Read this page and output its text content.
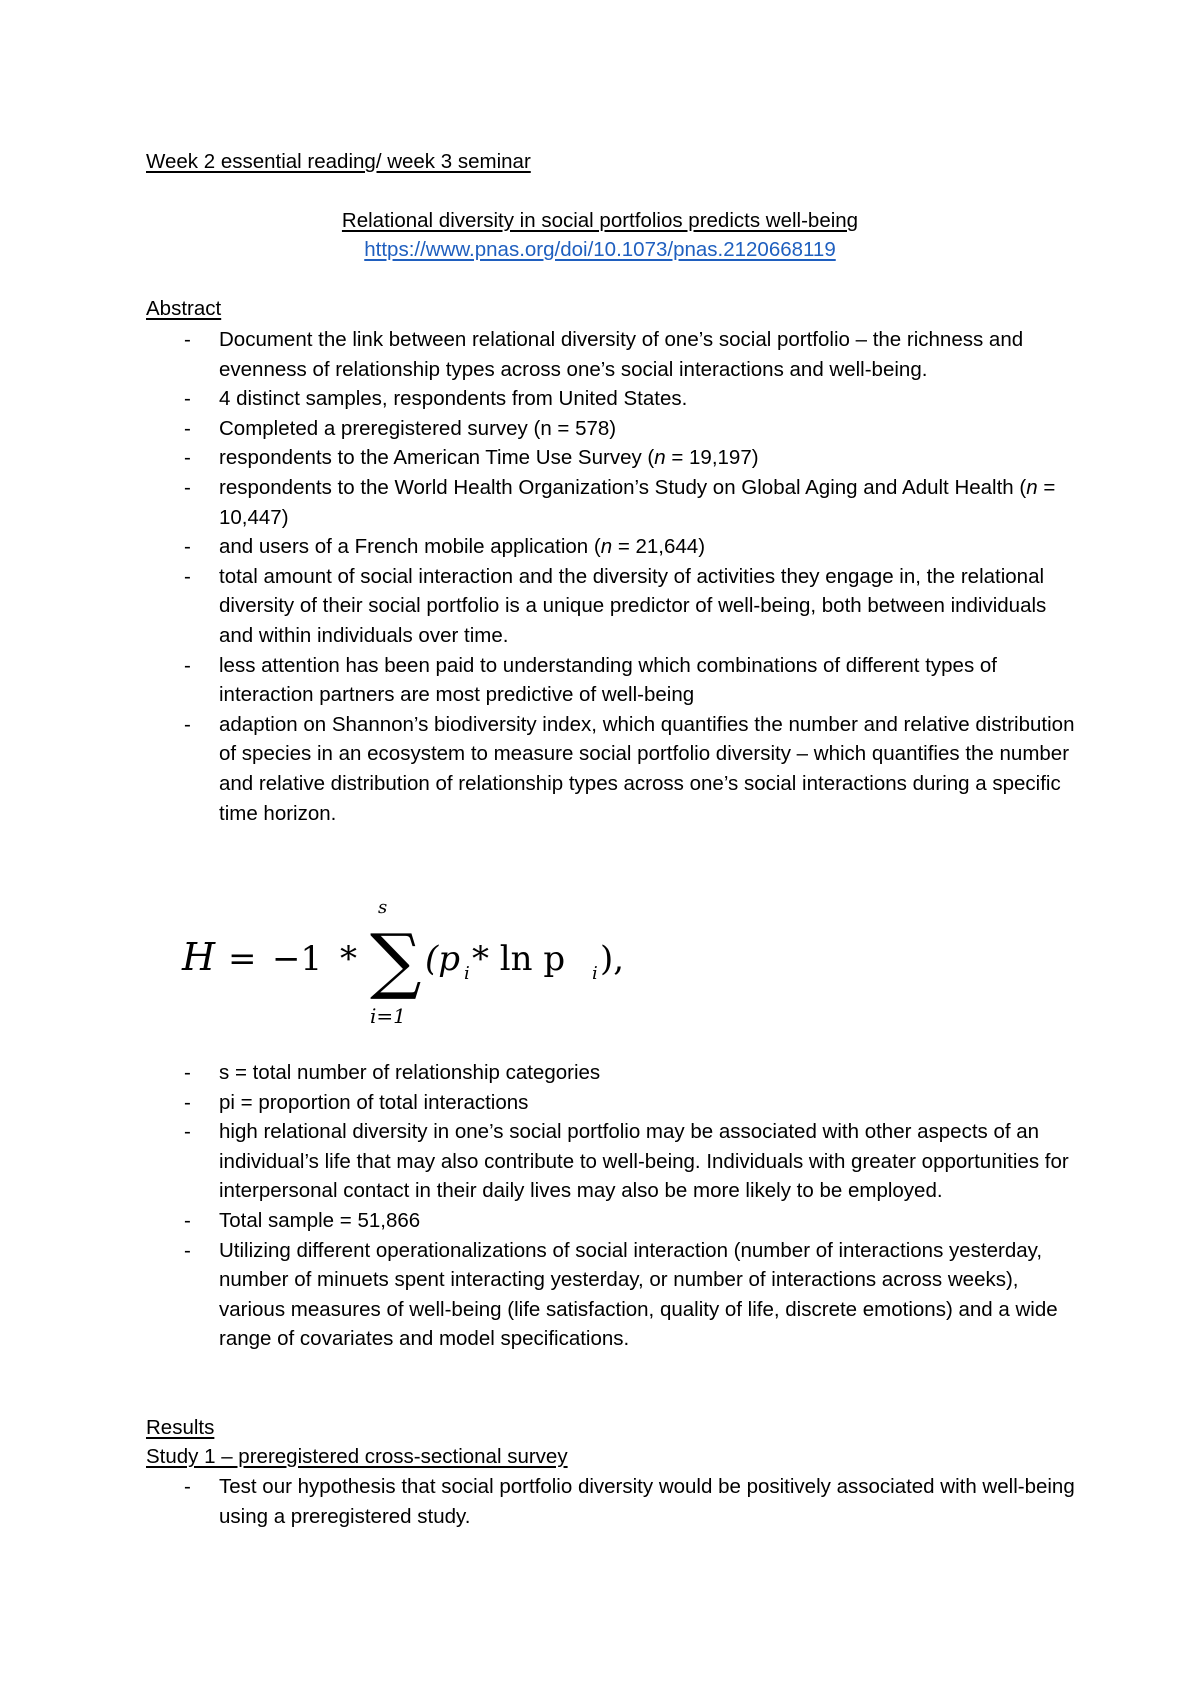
Week 2 essential reading/ week 3 seminar
Relational diversity in social portfolios predicts well-being
https://www.pnas.org/doi/10.1073/pnas.2120668119
Abstract
- Document the link between relational diversity of one’s social portfolio – the richness and evenness of relationship types across one’s social interactions and well-being.
- 4 distinct samples, respondents from United States.
- Completed a preregistered survey (n = 578)
- respondents to the American Time Use Survey (n = 19,197)
- respondents to the World Health Organization’s Study on Global Aging and Adult Health (n = 10,447)
- and users of a French mobile application (n = 21,644)
- total amount of social interaction and the diversity of activities they engage in, the relational diversity of their social portfolio is a unique predictor of well-being, both between individuals and within individuals over time.
- less attention has been paid to understanding which combinations of different types of interaction partners are most predictive of well-being
- adaption on Shannon’s biodiversity index, which quantifies the number and relative distribution of species in an ecosystem to measure social portfolio diversity – which quantifies the number and relative distribution of relationship types across one’s social interactions during a specific time horizon.
H = −1 * ∑
s
i=1
(p i * ln p i ),
- s = total number of relationship categories
- pi = proportion of total interactions
- high relational diversity in one’s social portfolio may be associated with other aspects of an individual’s life that may also contribute to well-being. Individuals with greater opportunities for interpersonal contact in their daily lives may also be more likely to be employed.
- Total sample = 51,866
- Utilizing different operationalizations of social interaction (number of interactions yesterday, number of minuets spent interacting yesterday, or number of interactions across weeks), various measures of well-being (life satisfaction, quality of life, discrete emotions) and a wide range of covariates and model specifications.
Results
Study 1 – preregistered cross-sectional survey
- Test our hypothesis that social portfolio diversity would be positively associated with well-being using a preregistered study.
